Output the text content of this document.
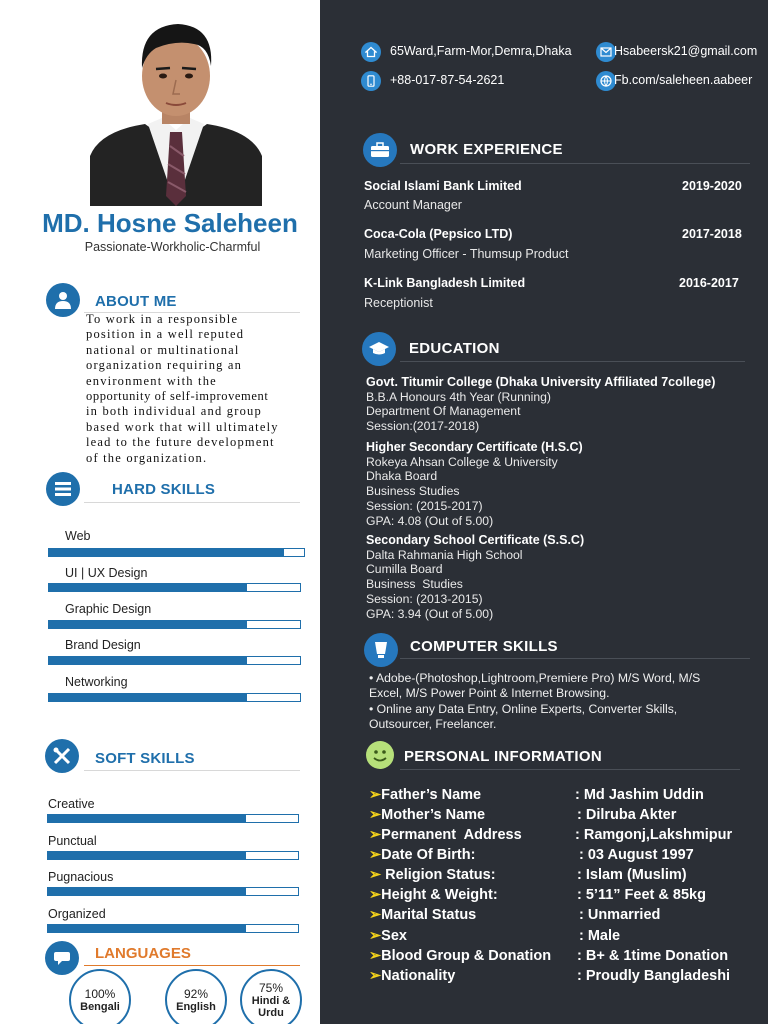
MD. Hosne Saleheen
Passionate-Workholic-Charmful
ABOUT ME
To work in a responsible
position in a well reputed
national or multinational
organization requiring an
environment with the
opportunity of self-improvement
in both individual and group
based work that will ultimately
lead to the future development
of the organization.
HARD SKILLS
Web
UI | UX Design
Graphic Design
Brand Design
Networking
SOFT SKILLS
Creative
Punctual
Pugnacious
Organized
LANGUAGES
100%
Bengali
92%
English
75%
Hindi & Urdu
65Ward,Farm-Mor,Demra,Dhaka	Hsabeersk21@gmail.com
+88-017-87-54-2621	Fb.com/saleheen.aabeer
WORK EXPERIENCE
Social Islami Bank Limited	2019-2020
Account Manager
Coca-Cola (Pepsico LTD)	2017-2018
Marketing Officer - Thumsup Product
K-Link Bangladesh Limited	2016-2017
Receptionist
EDUCATION
Govt. Titumir College (Dhaka University Affiliated 7college)
B.B.A Honours 4th Year (Running)
Department Of Management
Session:(2017-2018)
Higher Secondary Certificate (H.S.C)
Rokeya Ahsan College & University
Dhaka Board
Business Studies
Session: (2015-2017)
GPA: 4.08 (Out of 5.00)
Secondary School Certificate (S.S.C)
Dalta Rahmania High School
Cumilla Board
Business  Studies
Session: (2013-2015)
GPA: 3.94 (Out of 5.00)
COMPUTER SKILLS
• Adobe-(Photoshop,Lightroom,Premiere Pro) M/S Word, M/S
Excel, M/S Power Point & Internet Browsing.
• Online any Data Entry, Online Experts, Converter Skills,
Outsourcer, Freelancer.
PERSONAL INFORMATION
➢Father’s Name	: Md Jashim Uddin
➢Mother’s Name	: Dilruba Akter
➢Permanent  Address	: Ramgonj,Lakshmipur
➢Date Of Birth:	: 03 August 1997
➢ Religion Status:	: Islam (Muslim)
➢Height & Weight:	: 5’11” Feet & 85kg
➢Marital Status	: Unmarried
➢Sex	: Male
➢Blood Group & Donation : B+ & 1time Donation
➢Nationality	: Proudly Bangladeshi
